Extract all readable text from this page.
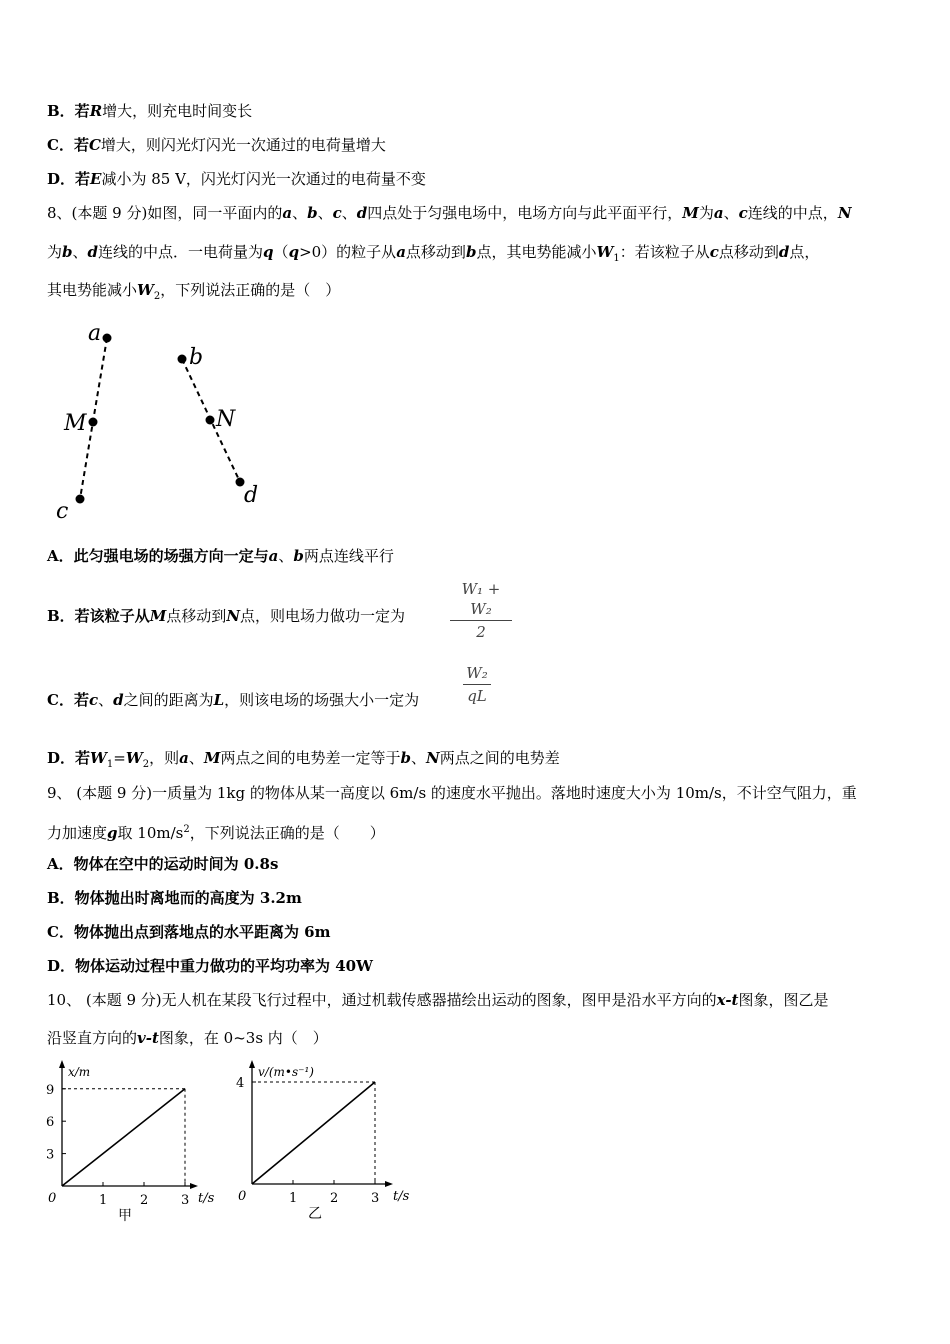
B．若R增大，则充电时间变长
C．若C增大，则闪光灯闪光一次通过的电荷量增大
D．若E减小为 85 V，闪光灯闪光一次通过的电荷量不变
8、(本题 9 分)如图，同一平面内的a、b、c、d四点处于匀强电场中，电场方向与此平面平行，M为a、c连线的中点，N
为b、d连线的中点．一电荷量为q（q>0）的粒子从a点移动到b点，其电势能减小$W_1$：若该粒子从c点移动到d点，
其电势能减小$W_2$，下列说法正确的是（　）
a
b
M	N
c
d
A．此匀强电场的场强方向一定与a、b两点连线平行
B．若该粒子从M点移动到N点，则电场力做功一定为
W₁ + W₂
2
C．若c、d之间的距离为L，则该电场的场强大小一定为
W₂
qL
D．若$W_1=W_2$，则a、M两点之间的电势差一定等于b、N两点之间的电势差
9、 (本题 9 分)一质量为 1kg 的物体从某一高度以 6m/s 的速度水平抛出。落地时速度大小为 10m/s，不计空气阻力，重
力加速度g取 $10m/s^2$，下列说法正确的是（　　）
A．物体在空中的运动时间为 0.8s
B．物体抛出时离地而的高度为 3.2m
C．物体抛出点到落地点的水平距离为 6m
D．物体运动过程中重力做功的平均功率为 40W
10、 (本题 9 分)无人机在某段飞行过程中，通过机载传感器描绘出运动的图象，图甲是沿水平方向的x-t图象，图乙是
沿竖直方向的v-t图象，在 0~3s 内（　）
x/m
t/s
0	1	2	3
3
6
9
甲
v/(m•s⁻¹)
t/s
0	1	2	3
4
乙
